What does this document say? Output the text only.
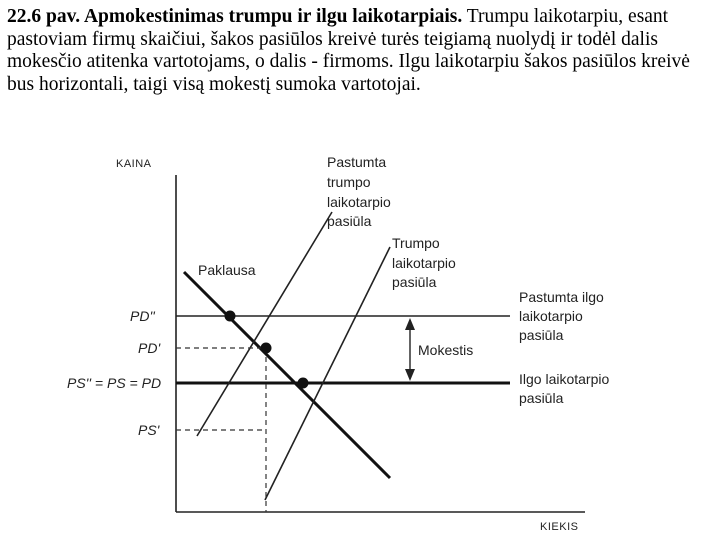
22.6 pav. Apmokestinimas trumpu ir ilgu laikotarpiais. Trumpu laikotarpiu, esant pastoviam firmų skaičiui, šakos pasiūlos kreivė turės teigiamą nuolydį ir todėl dalis mokesčio atitenka vartotojams, o dalis - firmoms. Ilgu laikotarpiu šakos pasiūlos kreivė bus horizontali, taigi visą mokestį sumoka vartotojai.

KAINA
KIEKIS
Mokestis
Paklausa
Pastumta trumpo laikotarpio pasiūla
Trumpo laikotarpio pasiūla
Pastumta ilgo laikotarpio pasiūla
Ilgo laikotarpio pasiūla
PD''
PD'
PS'' = PS = PD
PS'
